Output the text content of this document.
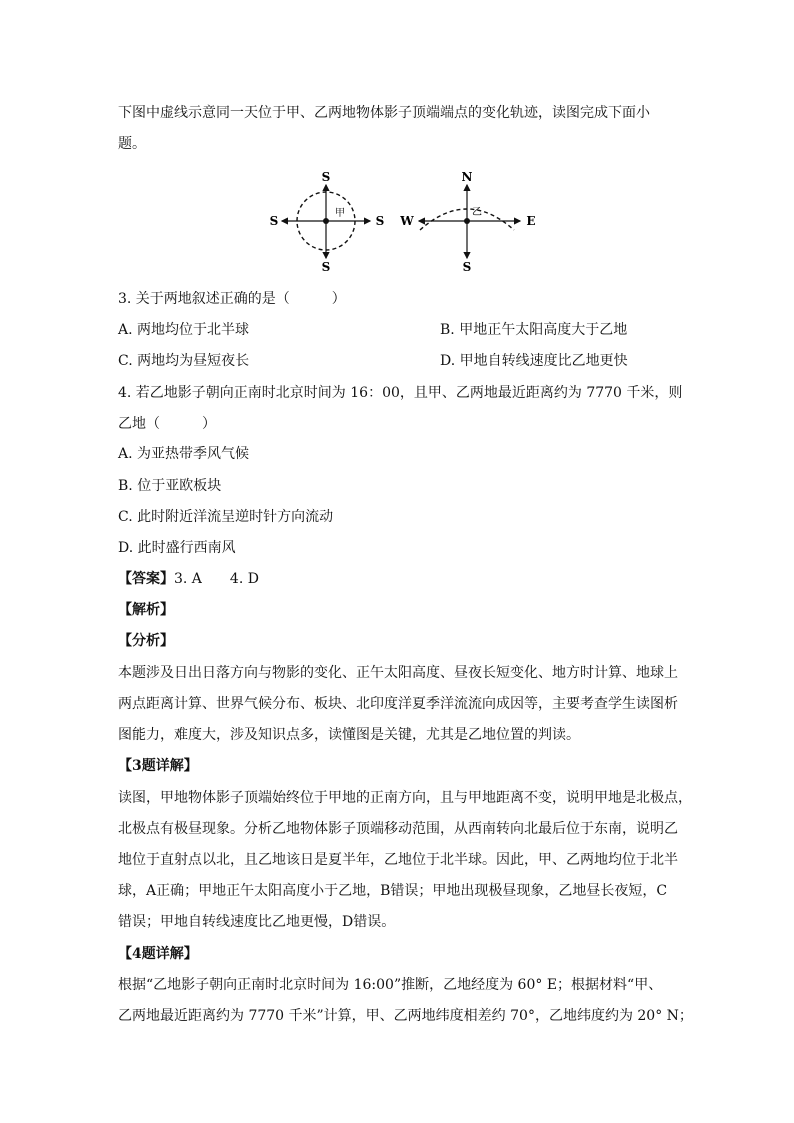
下图中虚线示意同一天位于甲、乙两地物体影子顶端端点的变化轨迹，读图完成下面小
题。
S
S
S	S
甲
N
S
W	E
乙
3. 关于两地叙述正确的是（　　　）
A. 两地均位于北半球	B. 甲地正午太阳高度大于乙地
C. 两地均为昼短夜长	D. 甲地自转线速度比乙地更快
4. 若乙地影子朝向正南时北京时间为 16：00，且甲、乙两地最近距离约为 7770 千米，则
乙地（　　　）
A. 为亚热带季风气候
B. 位于亚欧板块
C. 此时附近洋流呈逆时针方向流动
D. 此时盛行西南风
【答案】3. A　　4. D
【解析】
【分析】
本题涉及日出日落方向与物影的变化、正午太阳高度、昼夜长短变化、地方时计算、地球上
两点距离计算、世界气候分布、板块、北印度洋夏季洋流流向成因等，主要考查学生读图析
图能力，难度大，涉及知识点多，读懂图是关键，尤其是乙地位置的判读。
【3题详解】
读图，甲地物体影子顶端始终位于甲地的正南方向，且与甲地距离不变，说明甲地是北极点，
北极点有极昼现象。分析乙地物体影子顶端移动范围，从西南转向北最后位于东南，说明乙
地位于直射点以北，且乙地该日是夏半年，乙地位于北半球。因此，甲、乙两地均位于北半
球，A正确；甲地正午太阳高度小于乙地，B错误；甲地出现极昼现象，乙地昼长夜短，C
错误；甲地自转线速度比乙地更慢，D错误。
【4题详解】
根据“乙地影子朝向正南时北京时间为 16:00”推断，乙地经度为 60° E；根据材料“甲、
乙两地最近距离约为 7770 千米”计算，甲、乙两地纬度相差约 70°，乙地纬度约为 20° N；
